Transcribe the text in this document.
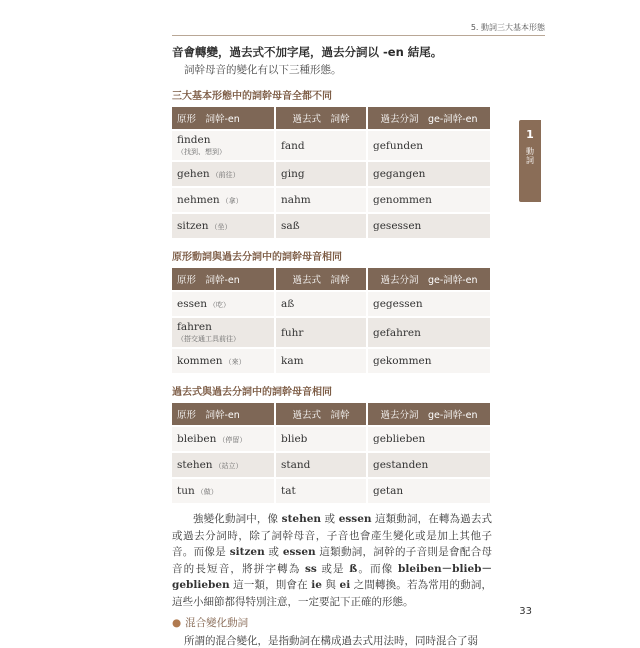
5. 動詞三大基本形態
1
動詞

音會轉變，過去式不加字尾，過去分詞以 -en 結尾。

詞幹母音的變化有以下三種形態。

三大基本形態中的詞幹母音全都不同
原形　詞幹-en	過去式　詞幹	過去分詞　ge-詞幹-en
finden
（找到、想到）	fand	gefunden
gehen （前往）	ging	gegangen
nehmen （拿）	nahm	genommen
sitzen （坐）	saß	gesessen
原形動詞與過去分詞中的詞幹母音相同
原形　詞幹-en	過去式　詞幹	過去分詞　ge-詞幹-en
essen （吃）	aß	gegessen
fahren
（搭交通工具前往）	fuhr	gefahren
kommen （來）	kam	gekommen
過去式與過去分詞中的詞幹母音相同
原形　詞幹-en	過去式　詞幹	過去分詞　ge-詞幹-en
bleiben （停留）	blieb	geblieben
stehen （站立）	stand	gestanden
tun （做）	tat	getan

強變化動詞中，像 stehen 或 essen 這類動詞，在轉為過去式或過去分詞時，除了詞幹母音，子音也會產生變化或是加上其他子音。而像是 sitzen 或 essen 這類動詞，詞幹的子音則是會配合母音的長短音，將拼字轉為 ss 或是 ß。而像 bleiben－blieb－geblieben 這一類，則會在 ie 與 ei 之間轉換。若為常用的動詞，這些小細節都得特別注意，一定要記下正確的形態。

● 混合變化動詞

所謂的混合變化，是指動詞在構成過去式用法時，同時混合了弱

33
